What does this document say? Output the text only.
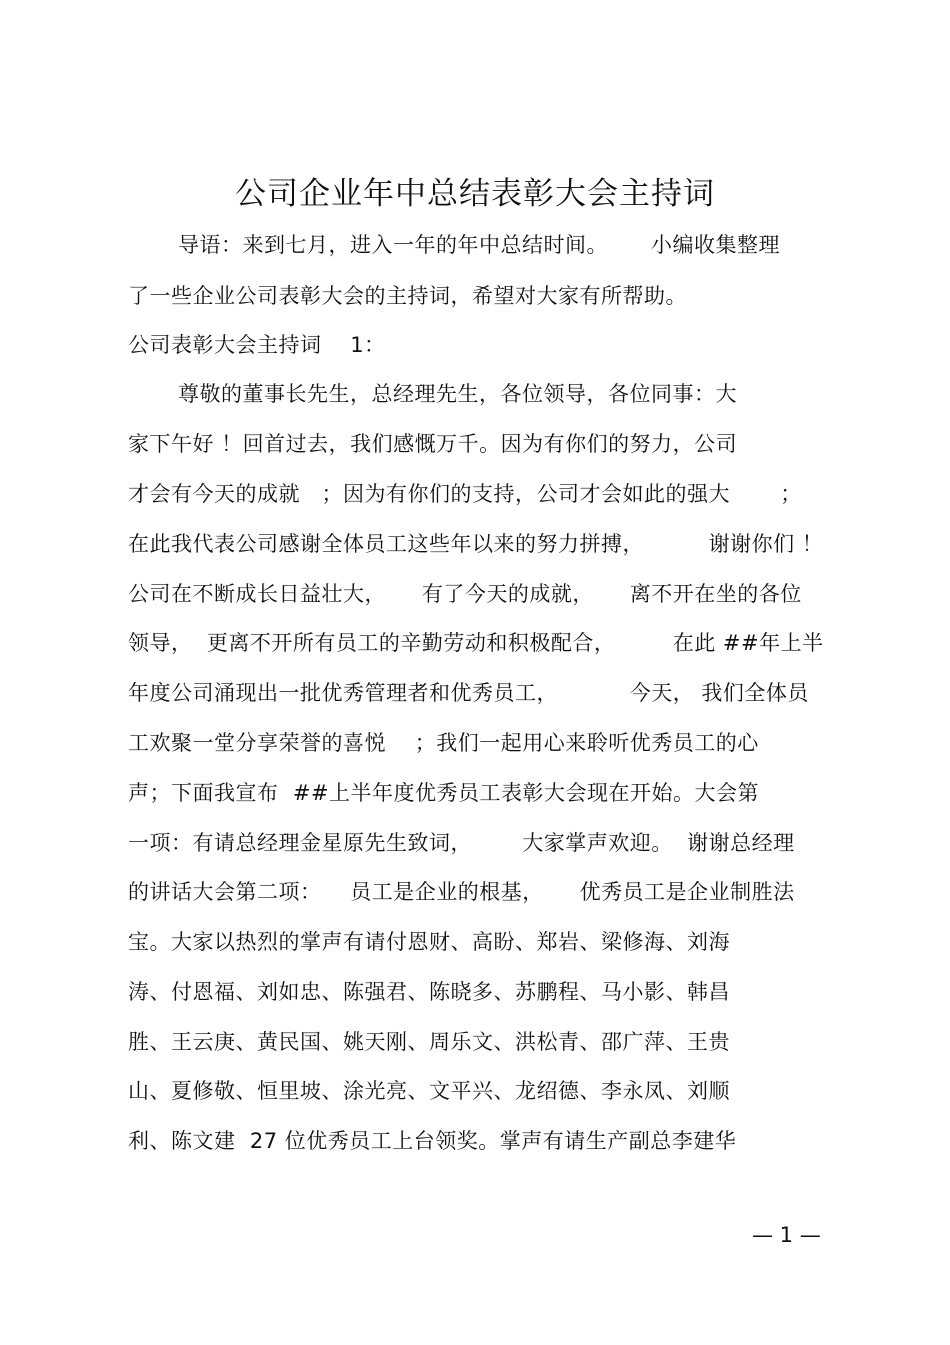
公司企业年中总结表彰大会主持词
导语：来到七月，进入一年的年中总结时间。      小编收集整理
了一些企业公司表彰大会的主持词，希望对大家有所帮助。
公司表彰大会主持词    1：
尊敬的董事长先生，总经理先生，各位领导，各位同事：大
家下午好 ！回首过去，我们感慨万千。因为有你们的努力，公司
才会有今天的成就   ；因为有你们的支持，公司才会如此的强大       ；
在此我代表公司感谢全体员工这些年以来的努力拼搏，         谢谢你们 ！
公司在不断成长日益壮大，     有了今天的成就，     离不开在坐的各位
领导，  更离不开所有员工的辛勤劳动和积极配合，        在此 ##年上半
年度公司涌现出一批优秀管理者和优秀员工，          今天， 我们全体员
工欢聚一堂分享荣誉的喜悦    ；我们一起用心来聆听优秀员工的心
声；下面我宣布  ##上半年度优秀员工表彰大会现在开始。大会第
一项：有请总经理金星原先生致词，       大家掌声欢迎。  谢谢总经理
的讲话大会第二项：    员工是企业的根基，     优秀员工是企业制胜法
宝。大家以热烈的掌声有请付恩财、高盼、郑岩、梁修海、刘海
涛、付恩福、刘如忠、陈强君、陈晓多、苏鹏程、马小影、韩昌
胜、王云庚、黄民国、姚天刚、周乐文、洪松青、邵广萍、王贵
山、夏修敬、恒里坡、涂光亮、文平兴、龙绍德、李永凤、刘顺
利、陈文建  27 位优秀员工上台领奖。掌声有请生产副总李建华
— 1 —
